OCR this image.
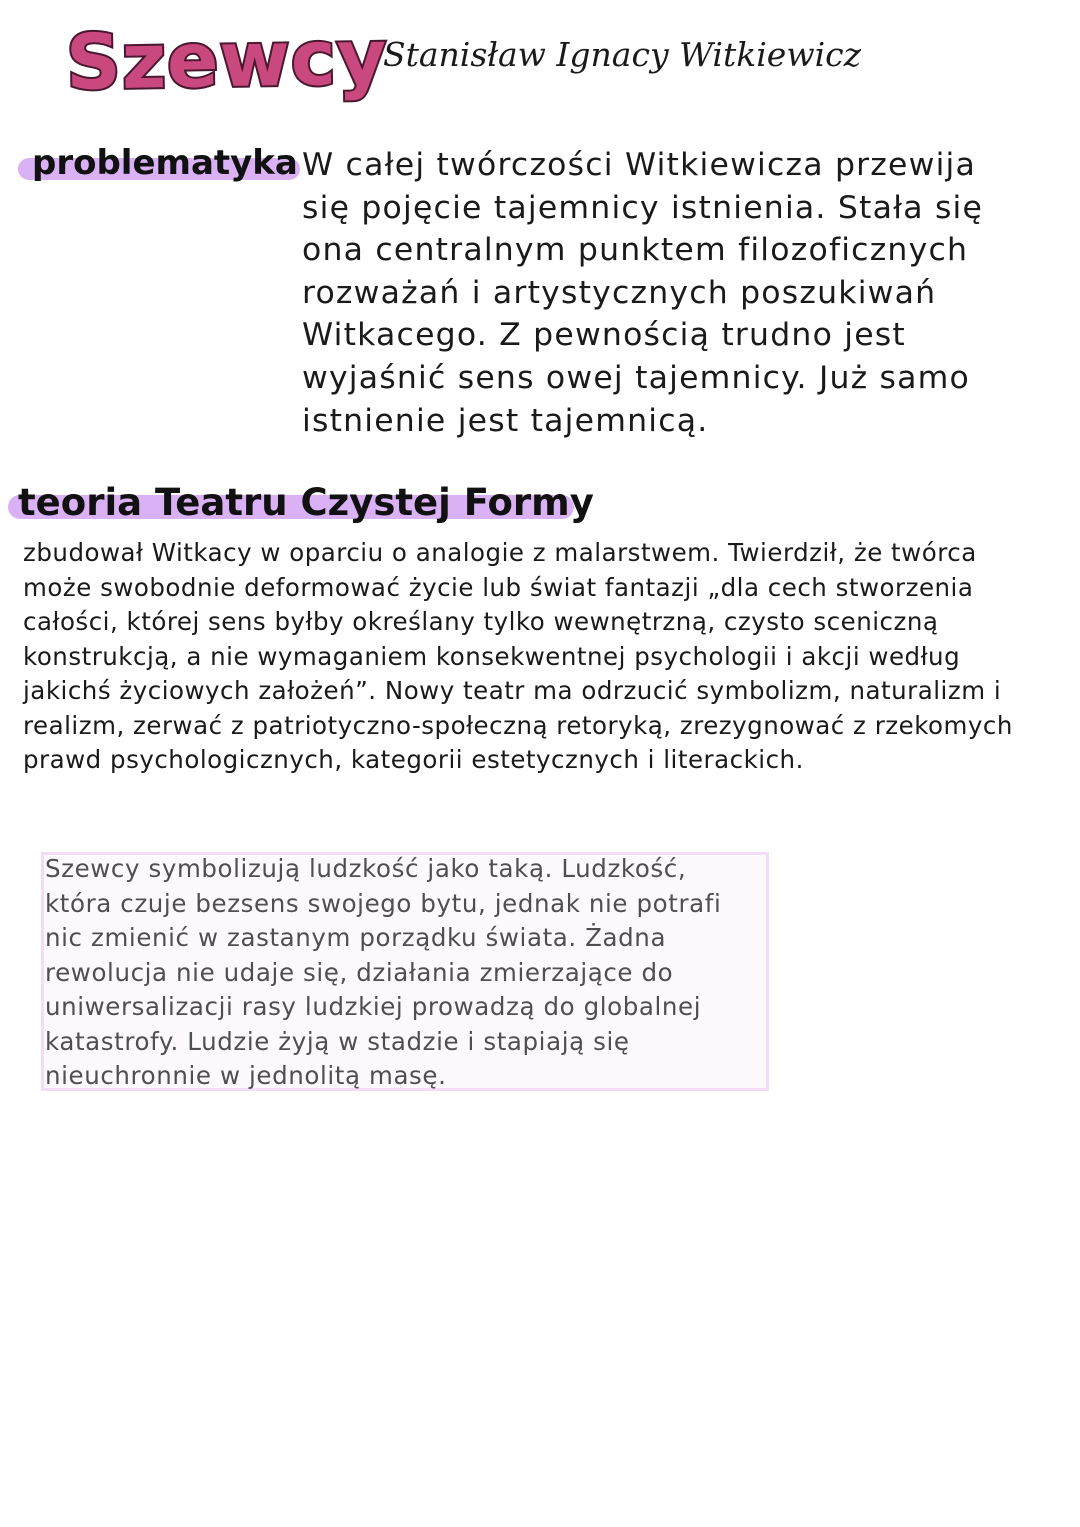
Szewcy
Stanisław Ignacy Witkiewicz
problematyka W całej twórczości Witkiewicza przewija
się pojęcie tajemnicy istnienia. Stała się
ona centralnym punktem filozoficznych
rozważań i artystycznych poszukiwań
Witkacego. Z pewnością trudno jest
wyjaśnić sens owej tajemnicy. Już samo
istnienie jest tajemnicą.

teoria Teatru Czystej Formy

zbudował Witkacy w oparciu o analogie z malarstwem. Twierdził, że twórca
może swobodnie deformować życie lub świat fantazji „dla cech stworzenia
całości, której sens byłby określany tylko wewnętrzną, czysto sceniczną
konstrukcją, a nie wymaganiem konsekwentnej psychologii i akcji według
jakichś życiowych założeń”. Nowy teatr ma odrzucić symbolizm, naturalizm i
realizm, zerwać z patriotyczno-społeczną retoryką, zrezygnować z rzekomych
prawd psychologicznych, kategorii estetycznych i literackich.

Szewcy symbolizują ludzkość jako taką. Ludzkość,
która czuje bezsens swojego bytu, jednak nie potrafi
nic zmienić w zastanym porządku świata. Żadna
rewolucja nie udaje się, działania zmierzające do
uniwersalizacji rasy ludzkiej prowadzą do globalnej
katastrofy. Ludzie żyją w stadzie i stapiają się
nieuchronnie w jednolitą masę.
